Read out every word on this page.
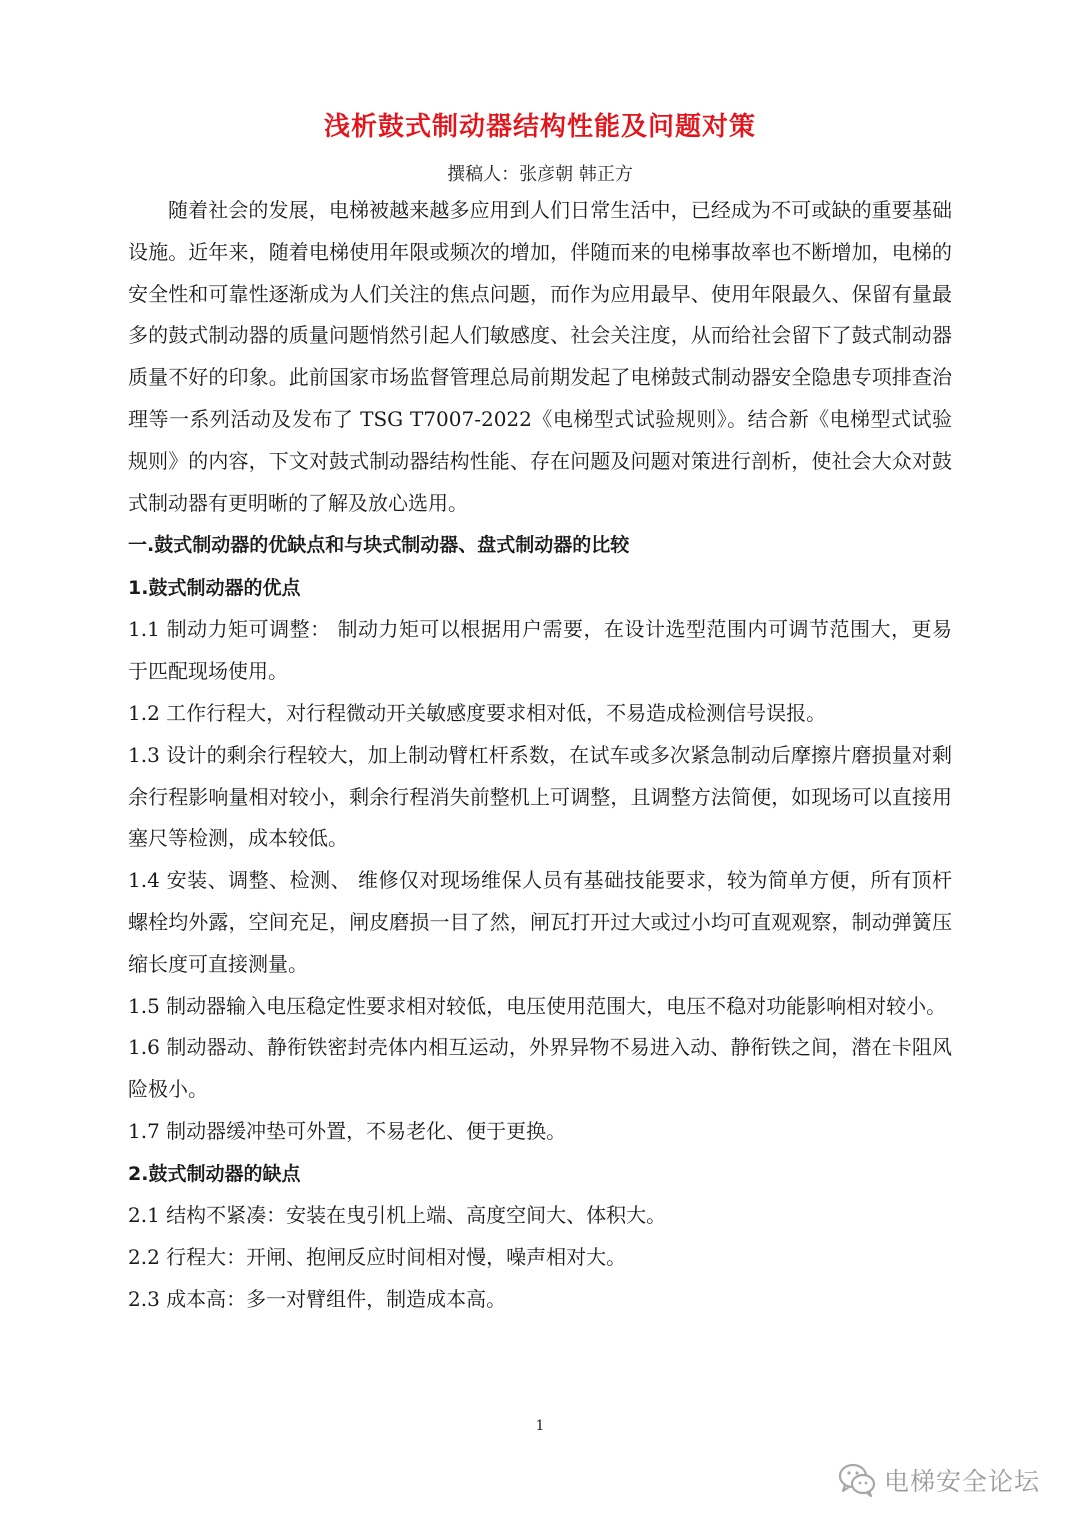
浅析鼓式制动器结构性能及问题对策
撰稿人：张彦朝 韩正方

随着社会的发展，电梯被越来越多应用到人们日常生活中，已经成为不可或缺的重要基础设施。近年来，随着电梯使用年限或频次的增加，伴随而来的电梯事故率也不断增加，电梯的安全性和可靠性逐渐成为人们关注的焦点问题，而作为应用最早、使用年限最久、保留有量最多的鼓式制动器的质量问题悄然引起人们敏感度、社会关注度，从而给社会留下了鼓式制动器质量不好的印象。此前国家市场监督管理总局前期发起了电梯鼓式制动器安全隐患专项排查治理等一系列活动及发布了 TSG T7007-2022《电梯型式试验规则》。结合新《电梯型式试验规则》的内容，下文对鼓式制动器结构性能、存在问题及问题对策进行剖析，使社会大众对鼓式制动器有更明晰的了解及放心选用。

一.鼓式制动器的优缺点和与块式制动器、盘式制动器的比较

1.鼓式制动器的优点

1.1 制动力矩可调整： 制动力矩可以根据用户需要，在设计选型范围内可调节范围大，更易于匹配现场使用。

1.2 工作行程大，对行程微动开关敏感度要求相对低，不易造成检测信号误报。

1.3 设计的剩余行程较大，加上制动臂杠杆系数，在试车或多次紧急制动后摩擦片磨损量对剩余行程影响量相对较小，剩余行程消失前整机上可调整，且调整方法简便，如现场可以直接用塞尺等检测，成本较低。

1.4 安装、调整、检测、 维修仅对现场维保人员有基础技能要求，较为简单方便，所有顶杆螺栓均外露，空间充足，闸皮磨损一目了然，闸瓦打开过大或过小均可直观观察，制动弹簧压缩长度可直接测量。

1.5 制动器输入电压稳定性要求相对较低，电压使用范围大，电压不稳对功能影响相对较小。

1.6 制动器动、静衔铁密封壳体内相互运动，外界异物不易进入动、静衔铁之间，潜在卡阻风险极小。

1.7 制动器缓冲垫可外置，不易老化、便于更换。

2.鼓式制动器的缺点

2.1 结构不紧凑：安装在曳引机上端、高度空间大、体积大。

2.2 行程大：开闸、抱闸反应时间相对慢，噪声相对大。

2.3 成本高：多一对臂组件，制造成本高。

1
电梯安全论坛
